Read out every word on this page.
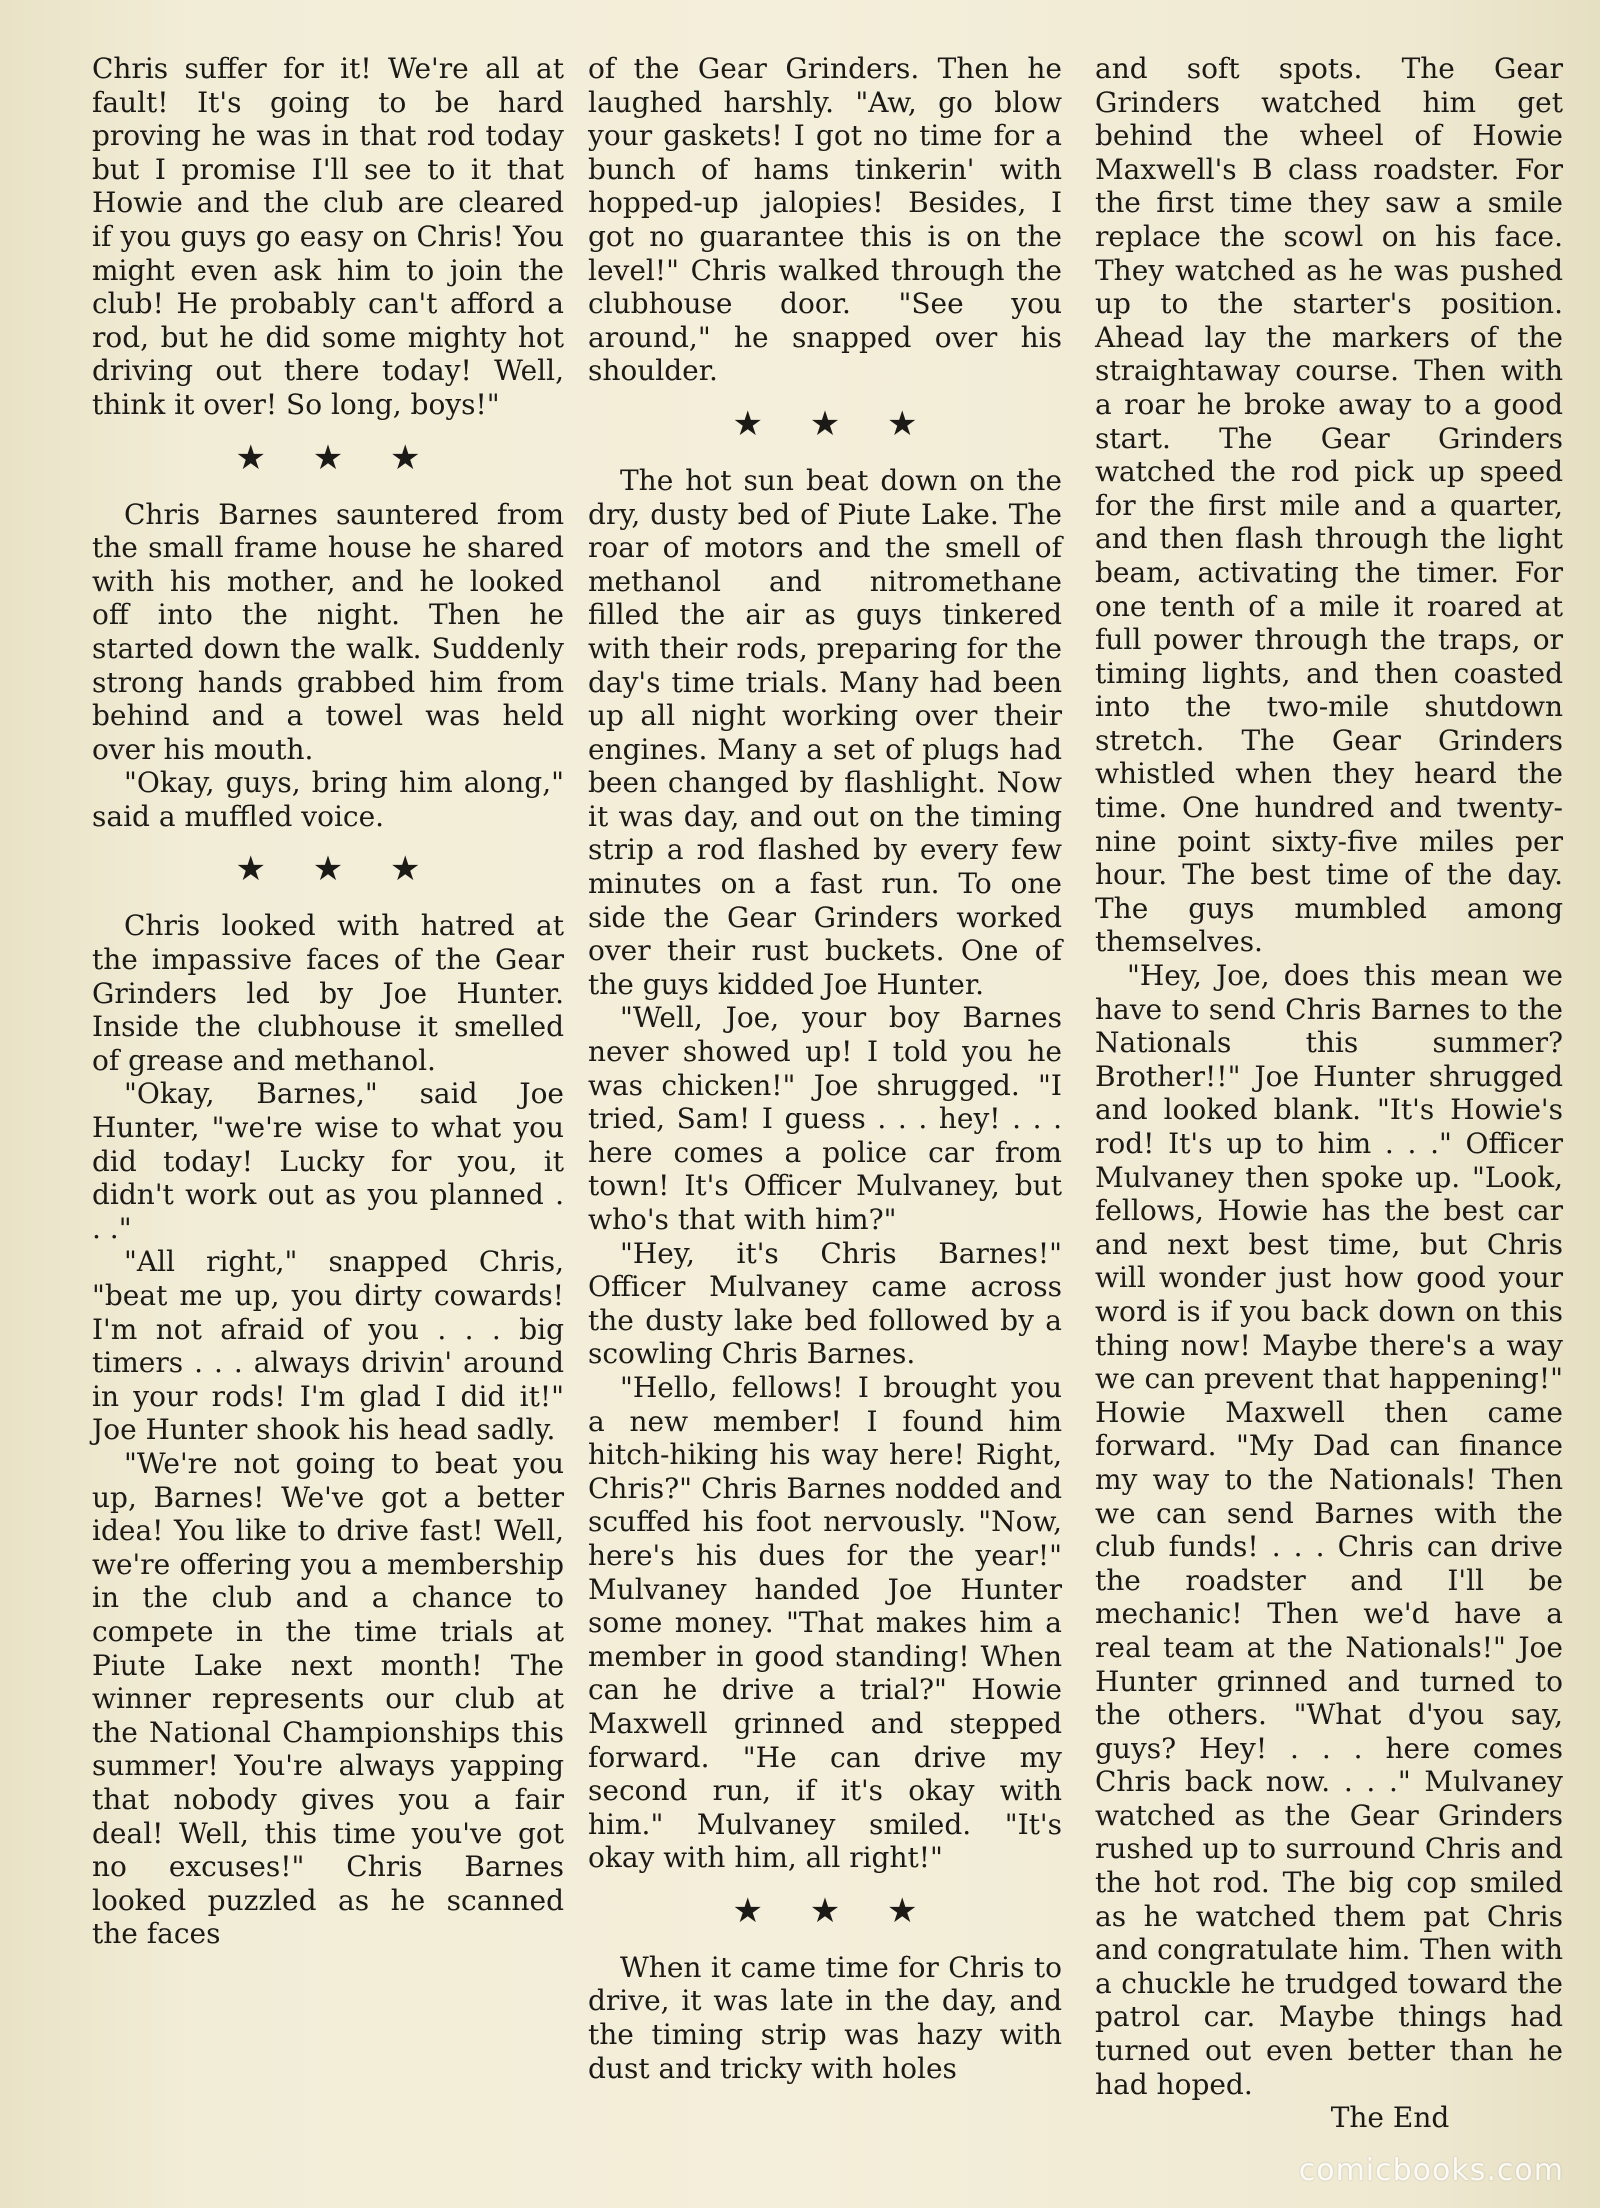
Chris suffer for it! We're all at fault! It's going to be hard proving he was in that rod today but I promise I'll see to it that Howie and the club are cleared if you guys go easy on Chris! You might even ask him to join the club! He probably can't afford a rod, but he did some mighty hot driving out there today! Well, think it over! So long, boys!"

★ ★ ★

Chris Barnes sauntered from the small frame house he shared with his mother, and he looked off into the night. Then he started down the walk. Suddenly strong hands grabbed him from behind and a towel was held over his mouth.

"Okay, guys, bring him along," said a muffled voice.

★ ★ ★

Chris looked with hatred at the impassive faces of the Gear Grinders led by Joe Hunter. Inside the clubhouse it smelled of grease and methanol.

"Okay, Barnes," said Joe Hunter, "we're wise to what you did today! Lucky for you, it didn't work out as you planned . . ."

"All right," snapped Chris, "beat me up, you dirty cowards! I'm not afraid of you . . . big timers . . . always drivin' around in your rods! I'm glad I did it!" Joe Hunter shook his head sadly.

"We're not going to beat you up, Barnes! We've got a better idea! You like to drive fast! Well, we're offering you a membership in the club and a chance to compete in the time trials at Piute Lake next month! The winner represents our club at the National Championships this summer! You're always yapping that nobody gives you a fair deal! Well, this time you've got no excuses!" Chris Barnes looked puzzled as he scanned the faces

of the Gear Grinders. Then he laughed harshly. "Aw, go blow your gaskets! I got no time for a bunch of hams tinkerin' with hopped-up jalopies! Besides, I got no guarantee this is on the level!" Chris walked through the clubhouse door. "See you around," he snapped over his shoulder.

★ ★ ★

The hot sun beat down on the dry, dusty bed of Piute Lake. The roar of motors and the smell of methanol and nitromethane filled the air as guys tinkered with their rods, preparing for the day's time trials. Many had been up all night working over their engines. Many a set of plugs had been changed by flashlight. Now it was day, and out on the timing strip a rod flashed by every few minutes on a fast run. To one side the Gear Grinders worked over their rust buckets. One of the guys kidded Joe Hunter.

"Well, Joe, your boy Barnes never showed up! I told you he was chicken!" Joe shrugged. "I tried, Sam! I guess . . . hey! . . . here comes a police car from town! It's Officer Mulvaney, but who's that with him?"

"Hey, it's Chris Barnes!" Officer Mulvaney came across the dusty lake bed followed by a scowling Chris Barnes.

"Hello, fellows! I brought you a new member! I found him hitch-hiking his way here! Right, Chris?" Chris Barnes nodded and scuffed his foot nervously. "Now, here's his dues for the year!" Mulvaney handed Joe Hunter some money. "That makes him a member in good standing! When can he drive a trial?" Howie Maxwell grinned and stepped forward. "He can drive my second run, if it's okay with him." Mulvaney smiled. "It's okay with him, all right!"

★ ★ ★

When it came time for Chris to drive, it was late in the day, and the timing strip was hazy with dust and tricky with holes

and soft spots. The Gear Grinders watched him get behind the wheel of Howie Maxwell's B class roadster. For the first time they saw a smile replace the scowl on his face. They watched as he was pushed up to the starter's position. Ahead lay the markers of the straightaway course. Then with a roar he broke away to a good start. The Gear Grinders watched the rod pick up speed for the first mile and a quarter, and then flash through the light beam, activating the timer. For one tenth of a mile it roared at full power through the traps, or timing lights, and then coasted into the two-mile shutdown stretch. The Gear Grinders whistled when they heard the time. One hundred and twenty-nine point sixty-five miles per hour. The best time of the day. The guys mumbled among themselves.

"Hey, Joe, does this mean we have to send Chris Barnes to the Nationals this summer? Brother!!" Joe Hunter shrugged and looked blank. "It's Howie's rod! It's up to him . . ." Officer Mulvaney then spoke up. "Look, fellows, Howie has the best car and next best time, but Chris will wonder just how good your word is if you back down on this thing now! Maybe there's a way we can prevent that happening!" Howie Maxwell then came forward. "My Dad can finance my way to the Nationals! Then we can send Barnes with the club funds! . . . Chris can drive the roadster and I'll be mechanic! Then we'd have a real team at the Nationals!" Joe Hunter grinned and turned to the others. "What d'you say, guys? Hey! . . . here comes Chris back now. . . ." Mulvaney watched as the Gear Grinders rushed up to surround Chris and the hot rod. The big cop smiled as he watched them pat Chris and congratulate him. Then with a chuckle he trudged toward the patrol car. Maybe things had turned out even better than he had hoped.

The End

comicbooks.com
